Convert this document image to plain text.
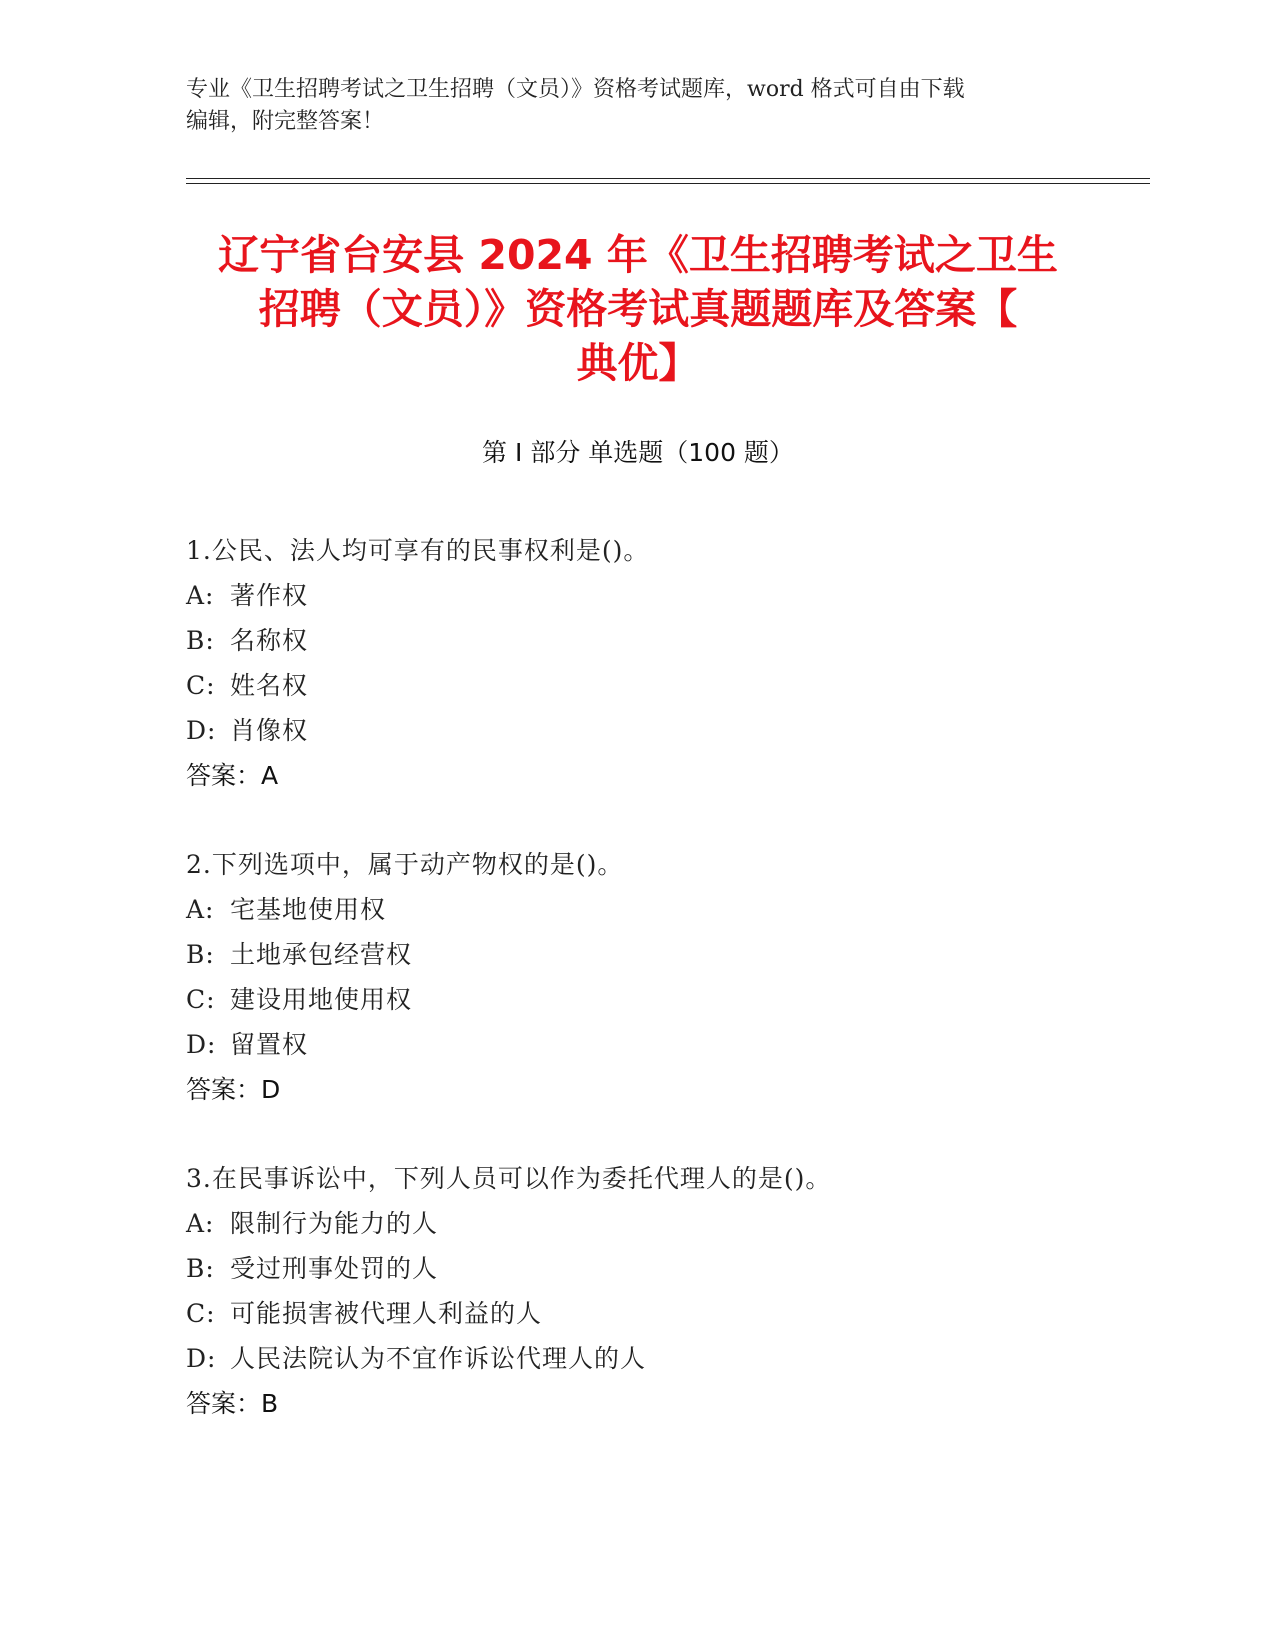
专业《卫生招聘考试之卫生招聘（文员）》资格考试题库，word 格式可自由下载
编辑，附完整答案！
辽宁省台安县 2024 年《卫生招聘考试之卫生
招聘（文员）》资格考试真题题库及答案【
典优】
第 I 部分 单选题（100 题）
1.公民、法人均可享有的民事权利是()。
A: 著作权
B: 名称权
C: 姓名权
D: 肖像权
答案：A
2.下列选项中，属于动产物权的是()。
A: 宅基地使用权
B: 土地承包经营权
C: 建设用地使用权
D: 留置权
答案：D
3.在民事诉讼中，下列人员可以作为委托代理人的是()。
A: 限制行为能力的人
B: 受过刑事处罚的人
C: 可能损害被代理人利益的人
D: 人民法院认为不宜作诉讼代理人的人
答案：B
